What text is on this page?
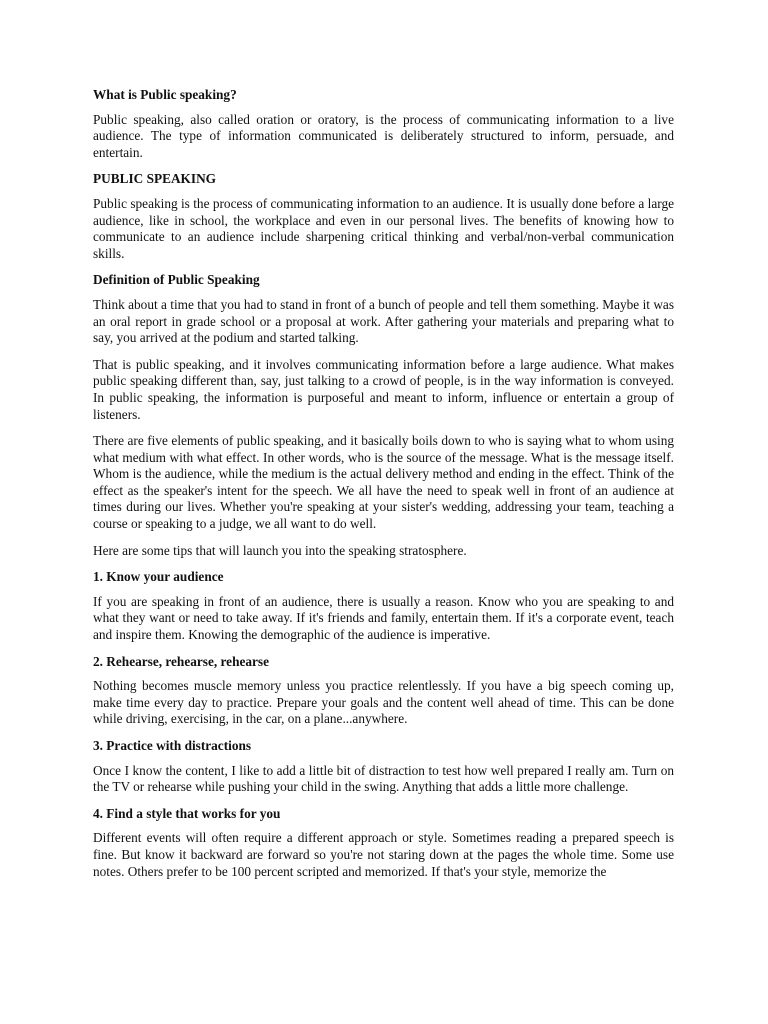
What is Public speaking?

Public speaking, also called oration or oratory, is the process of communicating information to a live audience. The type of information communicated is deliberately structured to inform, persuade, and entertain.

PUBLIC SPEAKING

Public speaking is the process of communicating information to an audience. It is usually done before a large audience, like in school, the workplace and even in our personal lives. The benefits of knowing how to communicate to an audience include sharpening critical thinking and verbal/non-verbal communication skills.

Definition of Public Speaking

Think about a time that you had to stand in front of a bunch of people and tell them something. Maybe it was an oral report in grade school or a proposal at work. After gathering your materials and preparing what to say, you arrived at the podium and started talking.

That is public speaking, and it involves communicating information before a large audience. What makes public speaking different than, say, just talking to a crowd of people, is in the way information is conveyed. In public speaking, the information is purposeful and meant to inform, influence or entertain a group of listeners.

There are five elements of public speaking, and it basically boils down to who is saying what to whom using what medium with what effect. In other words, who is the source of the message. What is the message itself. Whom is the audience, while the medium is the actual delivery method and ending in the effect. Think of the effect as the speaker's intent for the speech. We all have the need to speak well in front of an audience at times during our lives. Whether you're speaking at your sister's wedding, addressing your team, teaching a course or speaking to a judge, we all want to do well.

Here are some tips that will launch you into the speaking stratosphere.

1. Know your audience

If you are speaking in front of an audience, there is usually a reason. Know who you are speaking to and what they want or need to take away. If it's friends and family, entertain them. If it's a corporate event, teach and inspire them. Knowing the demographic of the audience is imperative.

2. Rehearse, rehearse, rehearse

Nothing becomes muscle memory unless you practice relentlessly. If you have a big speech coming up, make time every day to practice. Prepare your goals and the content well ahead of time. This can be done while driving, exercising, in the car, on a plane...anywhere.

3. Practice with distractions

Once I know the content, I like to add a little bit of distraction to test how well prepared I really am. Turn on the TV or rehearse while pushing your child in the swing. Anything that adds a little more challenge.

4. Find a style that works for you

Different events will often require a different approach or style. Sometimes reading a prepared speech is fine. But know it backward are forward so you're not staring down at the pages the whole time. Some use notes. Others prefer to be 100 percent scripted and memorized. If that's your style, memorize the
